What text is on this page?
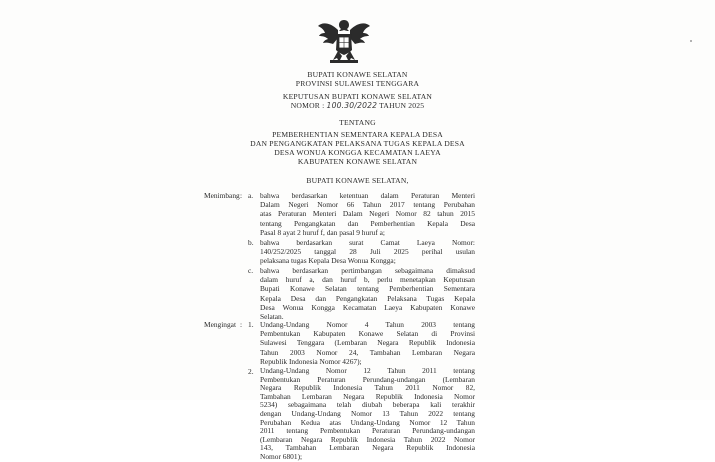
BUPATI KONAWE SELATAN
PROVINSI SULAWESI TENGGARA
KEPUTUSAN BUPATI KONAWE SELATAN
NOMOR : 100.30/2022 TAHUN 2025
TENTANG
PEMBERHENTIAN SEMENTARA KEPALA DESA
DAN PENGANGKATAN PELAKSANA TUGAS KEPALA DESA
DESA WONUA KONGGA KECAMATAN LAEYA
KABUPATEN KONAWE SELATAN
BUPATI KONAWE SELATAN,
Menimbang : a. bahwa berdasarkan ketentuan dalam Peraturan Menteri
Dalam Negeri Nomor 66 Tahun 2017 tentang Perubahan
atas Peraturan Menteri Dalam Negeri Nomor 82 tahun 2015
tentang Pengangkatan dan Pemberhentian Kepala Desa
Pasal 8 ayat 2 huruf f, dan pasal 9 huruf a;
b. bahwa berdasarkan surat Camat Laeya Nomor:
140/252/2025 tanggal 28 Juli 2025 perihal usulan
pelaksana tugas Kepala Desa Wonua Kongga;
c. bahwa berdasarkan pertimbangan sebagaimana dimaksud
dalam huruf a, dan huruf b, perlu menetapkan Keputusan
Bupati Konawe Selatan tentang Pemberhentian Sementara
Kepala Desa dan Pengangkatan Pelaksana Tugas Kepala
Desa Wonua Kongga Kecamatan Laeya Kabupaten Konawe
Selatan.
Mengingat : 1. Undang-Undang Nomor 4 Tahun 2003 tentang
Pembentukan Kabupaten Konawe Selatan di Provinsi
Sulawesi Tenggara (Lembaran Negara Republik Indonesia
Tahun 2003 Nomor 24, Tambahan Lembaran Negara
Republik Indonesia Nomor 4267);
2. Undang-Undang Nomor 12 Tahun 2011 tentang
Pembentukan Peraturan Perundang-undangan (Lembaran
Negara Republik Indonesia Tahun 2011 Nomor 82,
Tambahan Lembaran Negara Republik Indonesia Nomor
5234) sebagaimana telah diubah beberapa kali terakhir
dengan Undang-Undang Nomor 13 Tahun 2022 tentang
Perubahan Kedua atas Undang-Undang Nomor 12 Tahun
2011 tentang Pembentukan Peraturan Perundang-undangan
(Lembaran Negara Republik Indonesia Tahun 2022 Nomor
143, Tambahan Lembaran Negara Republik Indonesia
Nomor 6801);
